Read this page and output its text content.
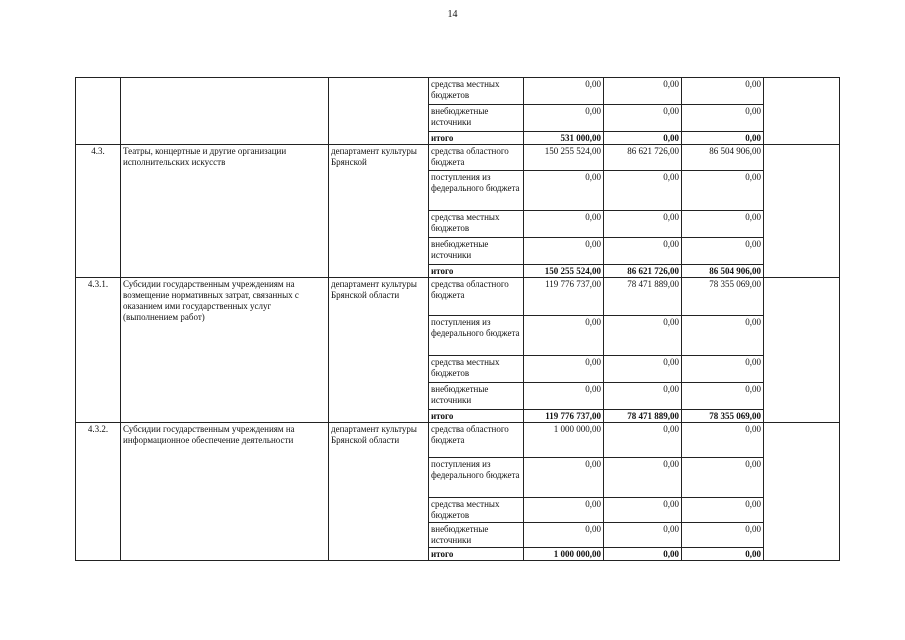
14
			средства местных бюджетов	0,00	0,00	0,00	
			внебюджетные источники	0,00	0,00	0,00	
			итого	531 000,00	0,00	0,00	
4.3.	Театры, концертные и другие организации исполнительских искусств	департамент культуры Брянской	средства областного бюджета	150 255 524,00	86 621 726,00	86 504 906,00	
			поступления из федерального бюджета	0,00	0,00	0,00	
			средства местных бюджетов	0,00	0,00	0,00	
			внебюджетные источники	0,00	0,00	0,00	
			итого	150 255 524,00	86 621 726,00	86 504 906,00	
4.3.1.	Субсидии государственным учреждениям на возмещение нормативных затрат, связанных с оказанием ими государственных услуг (выполнением работ)	департамент культуры Брянской области	средства областного бюджета	119 776 737,00	78 471 889,00	78 355 069,00	
			поступления из федерального бюджета	0,00	0,00	0,00	
			средства местных бюджетов	0,00	0,00	0,00	
			внебюджетные источники	0,00	0,00	0,00	
			итого	119 776 737,00	78 471 889,00	78 355 069,00	
4.3.2.	Субсидии государственным учреждениям на информационное обеспечение деятельности	департамент культуры Брянской области	средства областного бюджета	1 000 000,00	0,00	0,00	
			поступления из федерального бюджета	0,00	0,00	0,00	
			средства местных бюджетов	0,00	0,00	0,00	
			внебюджетные источники	0,00	0,00	0,00	
			итого	1 000 000,00	0,00	0,00	
